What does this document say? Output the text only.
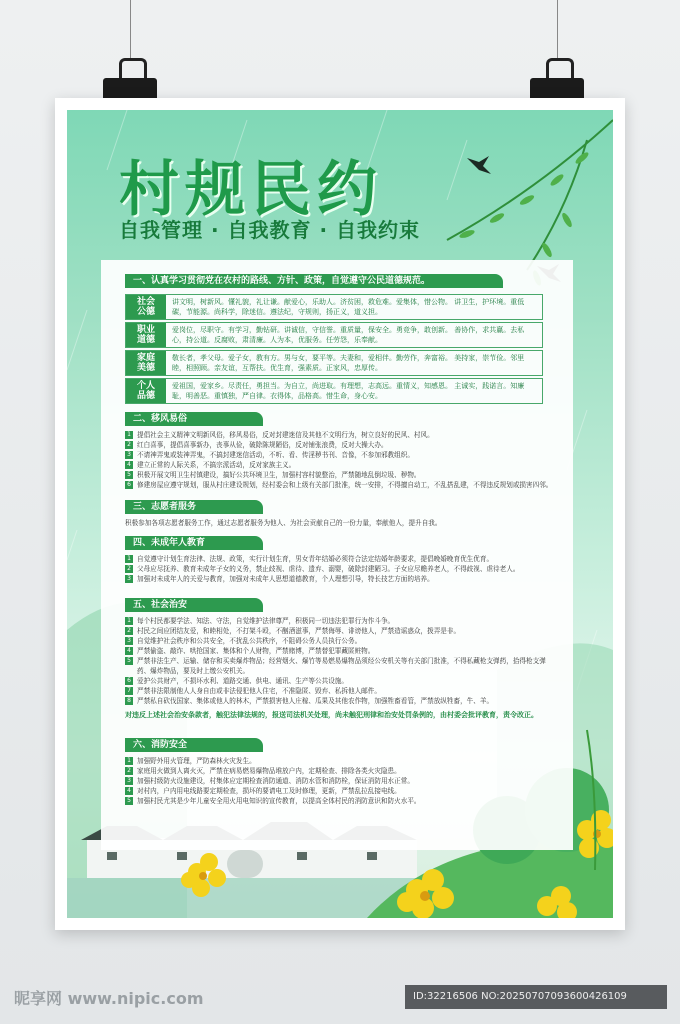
村规民约
自我管理 · 自我教育 · 自我约束
一、认真学习贯彻党在农村的路线、方针、政策，自觉遵守公民道德规范。
社会
公德
讲文明，树新风。懂礼貌，礼让谦。献爱心，乐助人。济贫困，救危难。爱集体，惜公物。 讲卫生，护环境。重低碳，节能源。尚科学，除迷信。遵法纪，守规则，扬正义，道义担。
职业
道德
爱岗位，尽职守。有学习，勤钻研。讲诚信，守信誉。重质量，保安全。勇竞争，敢创新。 善协作，求共赢。去私心，持公道。反腐败，肃清廉。人为本，优服务。任劳怨，乐奉献。
家庭
美德
敬长者，孝父母。爱子女，教有方。男与女，要平等。夫妻和，爱相伴。勤劳作，奔富裕。 美持家，崇节俭。邻里睦，相照顾。亲友谊，互帮扶。优生育，强素质。正家风，忠厚传。
个人
品德
爱祖国，爱家乡。尽责任，勇担当。为自立，尚进取。有理想，志高远。重情义，知感恩。 主诚实，践诺言。知廉耻，明善恶。重慎独，严自律。衣得体，品格高。惜生命，身心安。
二、移风易俗
1 提倡社会主义精神文明新风俗，移风易俗，反对封建迷信及其他不文明行为，树立良好的民风、村风。
2 红白喜事，提倡喜事新办，丧事从俭，破除陈规陋俗，反对铺张浪费，反对大操大办。
3 不请神弄鬼或装神弄鬼，不搞封建迷信活动，不听、看、传淫秽书刊、音像，不参加邪教组织。
4 建立正常的人际关系，不搞宗派活动，反对家族主义。
5 积极开展文明卫生村镇建设，搞好公共环境卫生，加强村容村貌整治，严禁随地乱倒垃圾、秽物。
6 修建房屋应遵守规划，服从村庄建设规划，经村委会和上级有关部门批准，统一安排，不得擅自动工，不乱搭乱建，不得违反规划或损害四邻。
三、志愿者服务
积极参加各项志愿者服务工作，通过志愿者服务为他人、为社会贡献自己的一份力量，奉献他人，提升自我。
四、未成年人教育
1 自觉遵守计划生育法律、法规、政策，实行计划生育，男女青年结婚必须符合法定结婚年龄要求，提倡晚婚晚育优生优育。
2 父母应尽抚养、教育未成年子女的义务，禁止歧视、虐待、遗弃、溺婴，破除封建陋习。子女应尽赡养老人，不得歧视、虐待老人。
3 加强对未成年人的关爱与教育，加强对未成年人思想道德教育，个人理想引导，特长技艺方面的培养。
五、社会治安
1 每个村民都要学法、知法、守法，自觉维护法律尊严，积极同一切违法犯罪行为作斗争。
2 村民之间应团结友爱，和睦相处，不打架斗殴，不酗酒滋事，严禁侮辱、诽谤他人，严禁造谣惑众，拨弄是非。
3 自觉维护社会秩序和公共安全，不扰乱公共秩序，不阻碍公务人员执行公务。
4 严禁偷盗、敲诈、哄抢国家、集体和个人财物，严禁赌博，严禁替犯罪藏匿赃物。
5 严禁非法生产、运输、储存和买卖爆炸物品；经营烟火、爆竹等易燃易爆物品须经公安机关等有关部门批准，不得私藏枪支弹药，拾得枪支弹药、爆炸物品，要及时上缴公安机关。
6 爱护公共财产，不损坏水利、道路交通、供电、通讯、生产等公共设施。
7 严禁非法限制他人人身自由或非法侵犯他人住宅，不准隐匿、毁弃、私拆他人邮件。
8 严禁私自砍伐国家、集体或他人的林木，严禁损害他人庄稼、瓜果及其他农作物，加强牲畜看管，严禁放纵牲畜，牛、羊。
对违反上述社会治安条款者，触犯法律法规的，报送司法机关处理，尚未触犯刑律和治安处罚条例的，由村委会批评教育，责令改正。
六、消防安全
1 加强野外用火管理，严防森林火灾发生。
2 家庭用火做到人离火灭，严禁在病易燃易爆物品堆放户内，定期检查、排除各类火灾隐患。
3 加强村级防火设施建设，村集体应定期检查消防通道、消防水管和消防栓，保证消防用水正常。
4 对村内，户内用电线路要定期检查，损坏的要请电工及时修理，更新，严禁乱拉乱接电线。
5 加强村民尤其是少年儿童安全用火用电知识的宣传教育，以提高全体村民的消防意识和防火水平。
昵享网 www.nipic.com	ID:32216506 NO:20250707093600426109
